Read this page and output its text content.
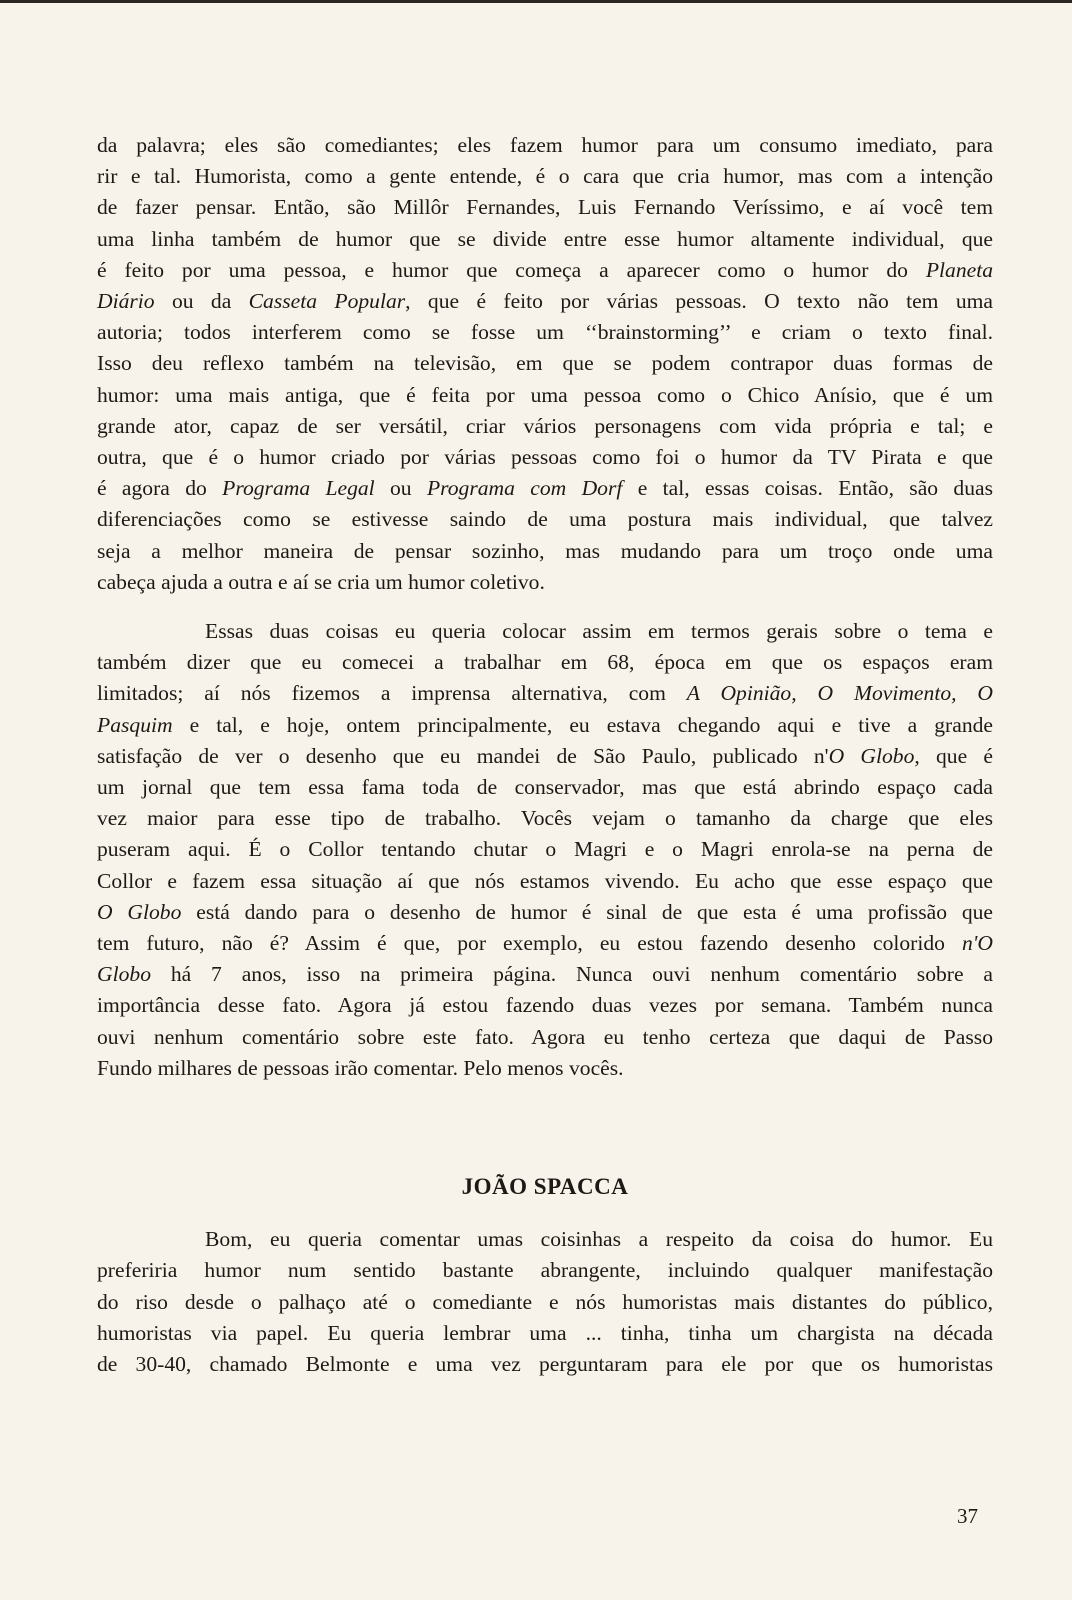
da palavra; eles são comediantes; eles fazem humor para um consumo imediato, para
rir e tal. Humorista, como a gente entende, é o cara que cria humor, mas com a intenção
de fazer pensar. Então, são Millôr Fernandes, Luis Fernando Veríssimo, e aí você tem
uma linha também de humor que se divide entre esse humor altamente individual, que
é feito por uma pessoa, e humor que começa a aparecer como o humor do Planeta
Diário ou da Casseta Popular, que é feito por várias pessoas. O texto não tem uma
autoria; todos interferem como se fosse um ‘‘brainstorming’’ e criam o texto final.
Isso deu reflexo também na televisão, em que se podem contrapor duas formas de
humor: uma mais antiga, que é feita por uma pessoa como o Chico Anísio, que é um
grande ator, capaz de ser versátil, criar vários personagens com vida própria e tal; e
outra, que é o humor criado por várias pessoas como foi o humor da TV Pirata e que
é agora do Programa Legal ou Programa com Dorf e tal, essas coisas. Então, são duas
diferenciações como se estivesse saindo de uma postura mais individual, que talvez
seja a melhor maneira de pensar sozinho, mas mudando para um troço onde uma
cabeça ajuda a outra e aí se cria um humor coletivo.

Essas duas coisas eu queria colocar assim em termos gerais sobre o tema e
também dizer que eu comecei a trabalhar em 68, época em que os espaços eram
limitados; aí nós fizemos a imprensa alternativa, com A Opinião, O Movimento, O
Pasquim e tal, e hoje, ontem principalmente, eu estava chegando aqui e tive a grande
satisfação de ver o desenho que eu mandei de São Paulo, publicado n'O Globo, que é
um jornal que tem essa fama toda de conservador, mas que está abrindo espaço cada
vez maior para esse tipo de trabalho. Vocês vejam o tamanho da charge que eles
puseram aqui. É o Collor tentando chutar o Magri e o Magri enrola-se na perna de
Collor e fazem essa situação aí que nós estamos vivendo. Eu acho que esse espaço que
O Globo está dando para o desenho de humor é sinal de que esta é uma profissão que
tem futuro, não é? Assim é que, por exemplo, eu estou fazendo desenho colorido n'O
Globo há 7 anos, isso na primeira página. Nunca ouvi nenhum comentário sobre a
importância desse fato. Agora já estou fazendo duas vezes por semana. Também nunca
ouvi nenhum comentário sobre este fato. Agora eu tenho certeza que daqui de Passo
Fundo milhares de pessoas irão comentar. Pelo menos vocês.

JOÃO SPACCA

Bom, eu queria comentar umas coisinhas a respeito da coisa do humor. Eu
preferiria humor num sentido bastante abrangente, incluindo qualquer manifestação
do riso desde o palhaço até o comediante e nós humoristas mais distantes do público,
humoristas via papel. Eu queria lembrar uma ... tinha, tinha um chargista na década
de 30-40, chamado Belmonte e uma vez perguntaram para ele por que os humoristas

37
